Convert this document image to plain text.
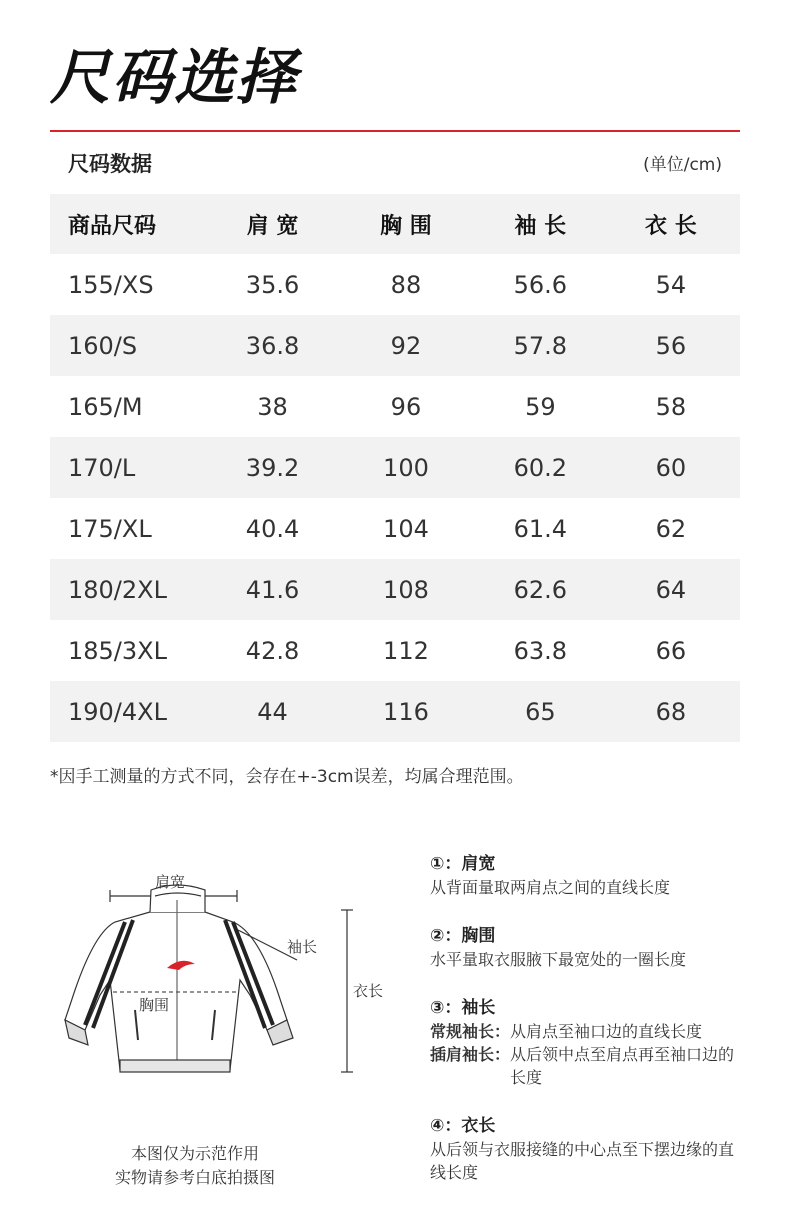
尺码选择
尺码数据	(单位/cm)
商品尺码	肩 宽	胸 围	袖 长	衣 长
155/XS	35.6	88	56.6	54
160/S	36.8	92	57.8	56
165/M	38	96	59	58
170/L	39.2	100	60.2	60
175/XL	40.4	104	61.4	62
180/2XL	41.6	108	62.6	64
185/3XL	42.8	112	63.8	66
190/4XL	44	116	65	68
*因手工测量的方式不同，会存在+-3cm误差，均属合理范围。
肩宽
袖长
衣长
胸围
本图仅为示范作用
实物请参考白底拍摄图
①：肩宽
从背面量取两肩点之间的直线长度
②：胸围
水平量取衣服腋下最宽处的一圈长度
③：袖长
常规袖长： 从肩点至袖口边的直线长度
插肩袖长： 从后领中点至肩点再至袖口边的长度
④：衣长
从后领与衣服接缝的中心点至下摆边缘的直线长度
